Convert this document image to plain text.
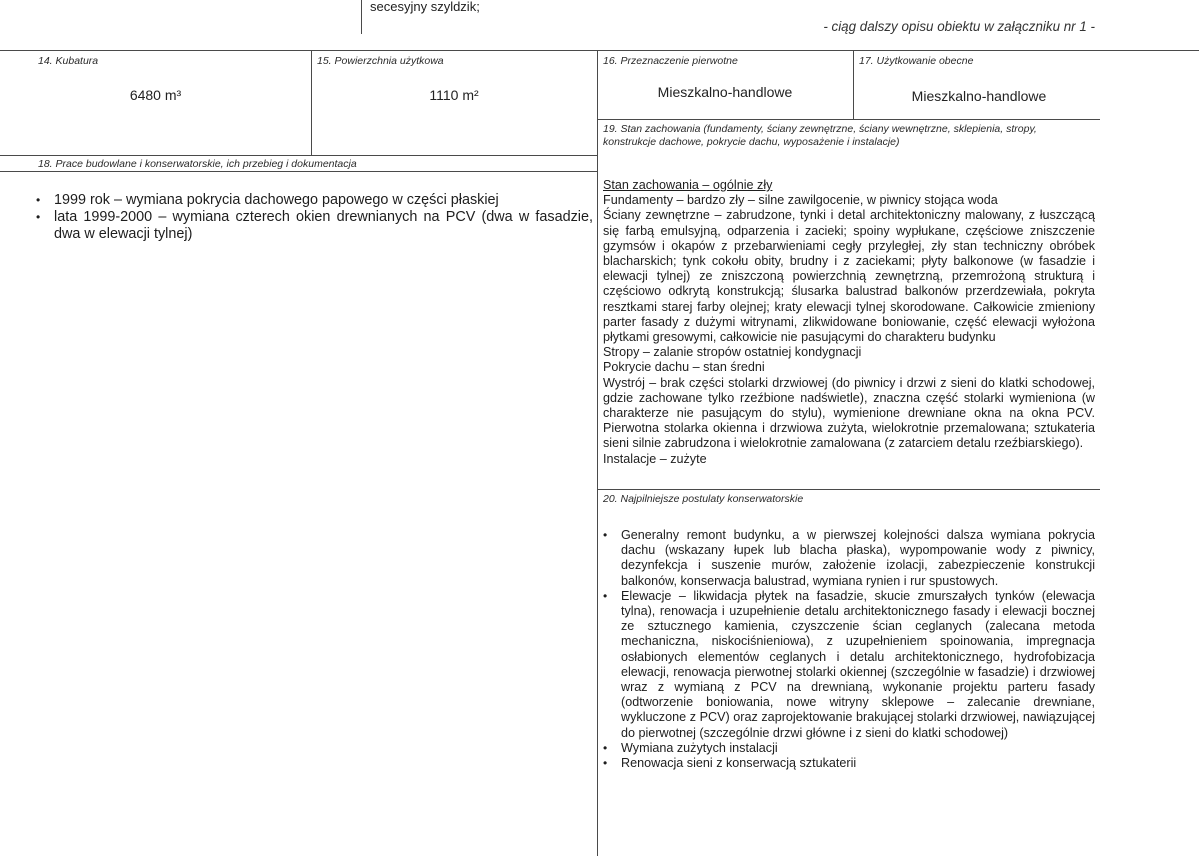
secesyjny szyldzik;
- ciąg dalszy opisu obiektu w załączniku nr 1 -
14. Kubatura
6480 m³
15. Powierzchnia użytkowa
1110 m²
16. Przeznaczenie pierwotne
Mieszkalno-handlowe
17. Użytkowanie obecne
Mieszkalno-handlowe
18. Prace budowlane i konserwatorskie, ich przebieg i dokumentacja
• 1999 rok – wymiana pokrycia dachowego papowego w części płaskiej
• lata 1999-2000 – wymiana czterech okien drewnianych na PCV (dwa w fasadzie, dwa w elewacji tylnej)
19. Stan zachowania (fundamenty, ściany zewnętrzne, ściany wewnętrzne, sklepienia, stropy, konstrukcje dachowe, pokrycie dachu, wyposażenie i instalacje)
Stan zachowania – ogólnie zły
Fundamenty – bardzo zły – silne zawilgocenie, w piwnicy stojąca woda
Ściany zewnętrzne – zabrudzone, tynki i detal architektoniczny malowany, z łuszczącą się farbą emulsyjną, odparzenia i zacieki; spoiny wypłukane, częściowe zniszczenie gzymsów i okapów z przebarwieniami cegły przyległej, zły stan techniczny obróbek blacharskich; tynk cokołu obity, brudny i z zaciekami; płyty balkonowe (w fasadzie i elewacji tylnej) ze zniszczoną powierzchnią zewnętrzną, przemrożoną strukturą i częściowo odkrytą konstrukcją; ślusarka balustrad balkonów przerdzewiała, pokryta resztkami starej farby olejnej; kraty elewacji tylnej skorodowane. Całkowicie zmieniony parter fasady z dużymi witrynami, zlikwidowane boniowanie, część elewacji wyłożona płytkami gresowymi, całkowicie nie pasującymi do charakteru budynku
Stropy – zalanie stropów ostatniej kondygnacji
Pokrycie dachu – stan średni
Wystrój – brak części stolarki drzwiowej (do piwnicy i drzwi z sieni do klatki schodowej, gdzie zachowane tylko rzeźbione nadświetle), znaczna część stolarki wymieniona (w charakterze nie pasującym do stylu), wymienione drewniane okna na okna PCV. Pierwotna stolarka okienna i drzwiowa zużyta, wielokrotnie przemalowana; sztukateria sieni silnie zabrudzona i wielokrotnie zamalowana (z zatarciem detalu rzeźbiarskiego).
Instalacje – zużyte
20. Najpilniejsze postulaty konserwatorskie
• Generalny remont budynku, a w pierwszej kolejności dalsza wymiana pokrycia dachu (wskazany łupek lub blacha płaska), wypompowanie wody z piwnicy, dezynfekcja i suszenie murów, założenie izolacji, zabezpieczenie konstrukcji balkonów, konserwacja balustrad, wymiana rynien i rur spustowych.
• Elewacje – likwidacja płytek na fasadzie, skucie zmurszałych tynków (elewacja tylna), renowacja i uzupełnienie detalu architektonicznego fasady i elewacji bocznej ze sztucznego kamienia, czyszczenie ścian ceglanych (zalecana metoda mechaniczna, niskociśnieniowa), z uzupełnieniem spoinowania, impregnacja osłabionych elementów ceglanych i detalu architektonicznego, hydrofobizacja elewacji, renowacja pierwotnej stolarki okiennej (szczególnie w fasadzie) i drzwiowej wraz z wymianą z PCV na drewnianą, wykonanie projektu parteru fasady (odtworzenie boniowania, nowe witryny sklepowe – zalecanie drewniane, wykluczone z PCV) oraz zaprojektowanie brakującej stolarki drzwiowej, nawiązującej do pierwotnej (szczególnie drzwi główne i z sieni do klatki schodowej)
• Wymiana zużytych instalacji
• Renowacja sieni z konserwacją sztukaterii
